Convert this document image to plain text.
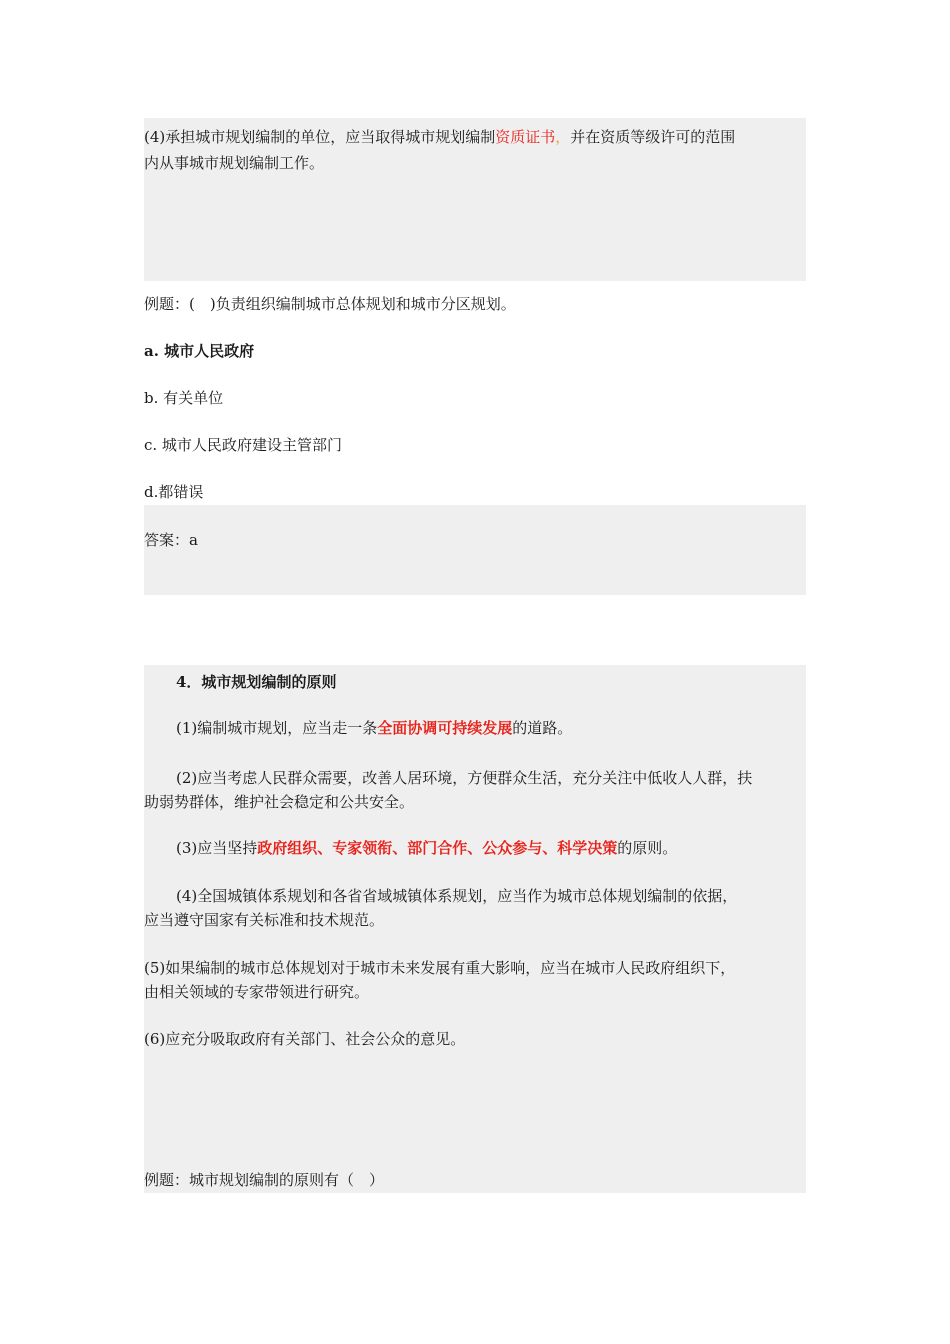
(4)承担城市规划编制的单位，应当取得城市规划编制资质证书，并在资质等级许可的范围

内从事城市规划编制工作。

例题：(　)负责组织编制城市总体规划和城市分区规划。

a. 城市人民政府

b. 有关单位

c. 城市人民政府建设主管部门

d.都错误

答案：a

4．城市规划编制的原则

(1)编制城市规划，应当走一条全面协调可持续发展的道路。

(2)应当考虑人民群众需要，改善人居环境，方便群众生活，充分关注中低收人人群，扶

助弱势群体，维护社会稳定和公共安全。

(3)应当坚持政府组织、专家领衔、部门合作、公众参与、科学决策的原则。

(4)全国城镇体系规划和各省省域城镇体系规划，应当作为城市总体规划编制的依据，

应当遵守国家有关标准和技术规范。

(5)如果编制的城市总体规划对于城市未来发展有重大影响，应当在城市人民政府组织下，

由相关领域的专家带领进行研究。

(6)应充分吸取政府有关部门、社会公众的意见。

例题：城市规划编制的原则有（　）
